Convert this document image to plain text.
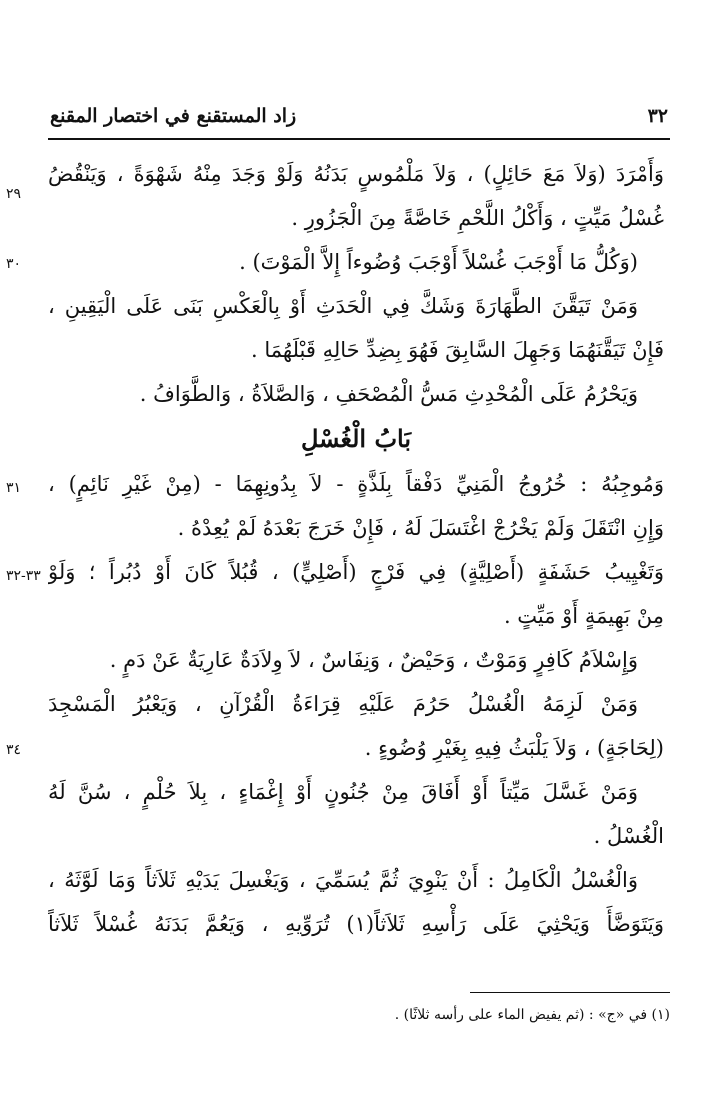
٣٢
زاد المستقنع في اختصار المقنع
وَأَمْرَدَ (وَلاَ مَعَ حَائِلٍ) ، وَلاَ مَلْمُوسٍ بَدَنُهُ وَلَوْ وَجَدَ مِنْهُ شَهْوَةً ، وَيَنْقُضُ
غُسْلُ مَيِّتٍ ، وَأَكْلُ اللَّحْمِ خَاصَّةً مِنَ الْجَزُورِ .
(وَكُلُّ مَا أَوْجَبَ غُسْلاً أَوْجَبَ وُضُوءاً إِلاَّ الْمَوْتَ) .
وَمَنْ تَيَقَّنَ الطَّهَارَةَ وَشَكَّ فِي الْحَدَثِ أَوْ بِالْعَكْسِ بَنَى عَلَى الْيَقِينِ ،
فَإِنْ تَيَقَّنَهُمَا وَجَهِلَ السَّابِقَ فَهُوَ بِضِدِّ حَالِهِ قَبْلَهُمَا .
وَيَحْرُمُ عَلَى الْمُحْدِثِ مَسُّ الْمُصْحَفِ ، وَالصَّلاَةُ ، وَالطَّوَافُ .
بَابُ الْغُسْلِ
وَمُوجِبُهُ : خُرُوجُ الْمَنِيِّ دَفْقاً بِلَذَّةٍ - لاَ بِدُونِهِمَا - (مِنْ غَيْرِ نَائِمٍ) ،
وَإِنِ انْتَقَلَ وَلَمْ يَخْرُجْ اغْتَسَلَ لَهُ ، فَإِنْ خَرَجَ بَعْدَهُ لَمْ يُعِدْهُ .
وَتَغْيِيبُ حَشَفَةٍ (أَصْلِيَّةٍ) فِي فَرْجٍ (أَصْلِيٍّ) ، قُبُلاً كَانَ أَوْ دُبُراً ؛ وَلَوْ
مِنْ بَهِيمَةٍ أَوْ مَيِّتٍ .
وَإِسْلاَمُ كَافِرٍ وَمَوْتٌ ، وَحَيْضٌ ، وَنِفَاسٌ ، لاَ وِلاَدَةٌ عَارِيَةٌ عَنْ دَمٍ .
وَمَنْ لَزِمَهُ الْغُسْلُ حَرُمَ عَلَيْهِ قِرَاءَةُ الْقُرْآنِ ، وَيَعْبُرُ الْمَسْجِدَ
(لِحَاجَةٍ) ، وَلاَ يَلْبَثُ فِيهِ بِغَيْرِ وُضُوءٍ .
وَمَنْ غَسَّلَ مَيِّتاً أَوْ أَفَاقَ مِنْ جُنُونٍ أَوْ إِغْمَاءٍ ، بِلاَ حُلْمٍ ، سُنَّ لَهُ
الْغُسْلُ .
وَالْغُسْلُ الْكَامِلُ : أَنْ يَنْوِيَ ثُمَّ يُسَمِّيَ ، وَيَغْسِلَ يَدَيْهِ ثَلاَثاً وَمَا لَوَّثَهُ ،
وَيَتَوَضَّأَ وَيَحْثِيَ عَلَى رَأْسِهِ ثَلاَثاً(١) تُرَوِّيهِ ، وَيَعُمَّ بَدَنَهُ غُسْلاً ثَلاَثاً
٢٩
٣٠
٣١
٣٣-٣٢
٣٤
(١) في «ج» : (ثم يفيض الماء على رأسه ثلاثًا) .
